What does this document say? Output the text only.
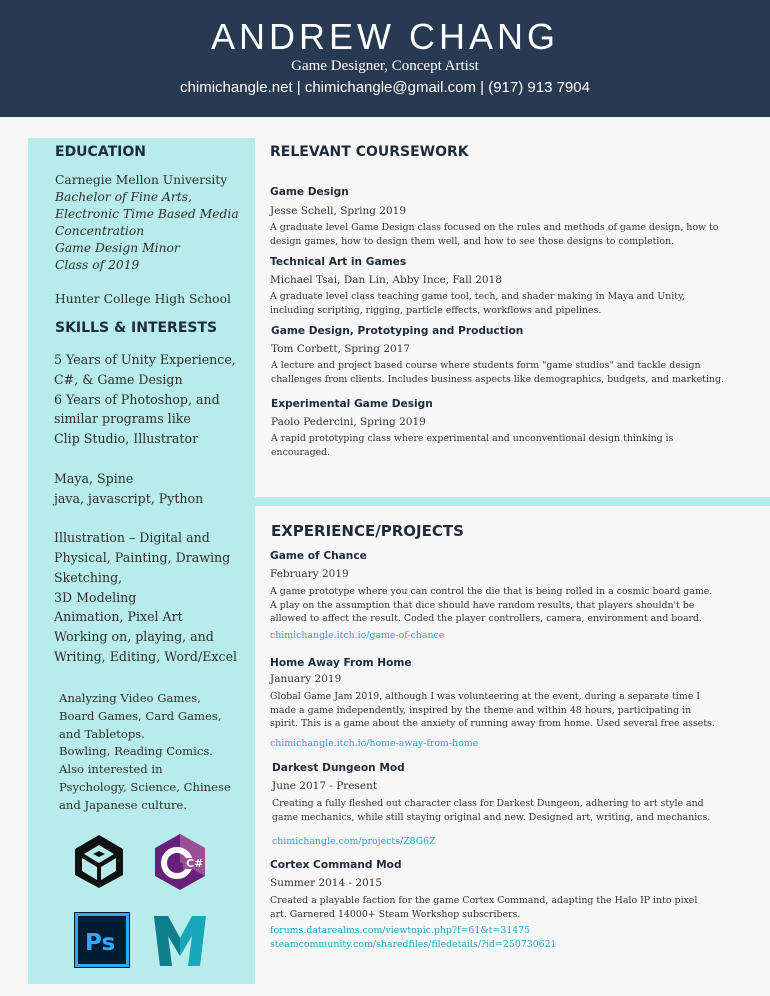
ANDREW CHANG
Game Designer, Concept Artist
chimichangle.net | chimichangle@gmail.com | (917) 913 7904
EDUCATION
Carnegie Mellon University
Bachelor of Fine Arts,
Electronic Time Based Media
Concentration
Game Design Minor
Class of 2019
Hunter College High School
SKILLS & INTERESTS
5 Years of Unity Experience,
C#, & Game Design
6 Years of Photoshop, and
similar programs like
Clip Studio, Illustrator

Maya, Spine
java, javascript, Python

Illustration – Digital and
Physical, Painting, Drawing
Sketching,
3D Modeling
Animation, Pixel Art
Working on, playing, and
Writing, Editing, Word/Excel
Analyzing Video Games,
Board Games, Card Games,
and Tabletops.
Bowling, Reading Comics.
Also interested in
Psychology, Science, Chinese
and Japanese culture.
C#
Ps
RELEVANT COURSEWORK
Game Design
Jesse Schell, Spring 2019
A graduate level Game Design class focused on the rules and methods of game design, how to
design games, how to design them well, and how to see those designs to completion.
Technical Art in Games
Michael Tsai, Dan Lin, Abby Ince, Fall 2018
A graduate level class teaching game tool, tech, and shader making in Maya and Unity,
including scripting, rigging, particle effects, workflows and pipelines.
Game Design, Prototyping and Production
Tom Corbett, Spring 2017
A lecture and project based course where students form "game studios" and tackle design
challenges from clients. Includes business aspects like demographics, budgets, and marketing.
Experimental Game Design
Paolo Pedercini, Spring 2019
A rapid prototyping class where experimental and unconventional design thinking is
encouraged.
EXPERIENCE/PROJECTS
Game of Chance
February 2019
A game prototype where you can control the die that is being rolled in a cosmic board game.
A play on the assumption that dice should have random results, that players shouldn't be
allowed to affect the result. Coded the player controllers, camera, environment and board.
chimichangle.itch.io/game-of-chance
Home Away From Home
January 2019
Global Game Jam 2019, although I was volunteering at the event, during a separate time I
made a game independently, inspired by the theme and within 48 hours, participating in
spirit. This is a game about the anxiety of running away from home. Used several free assets.
chimichangle.itch.io/home-away-from-home
Darkest Dungeon Mod
June 2017 - Present
Creating a fully fleshed out character class for Darkest Dungeon, adhering to art style and
game mechanics, while still staying original and new. Designed art, writing, and mechanics.
chimichangle.com/projects/Z8G6Z
Cortex Command Mod
Summer 2014 - 2015
Created a playable faction for the game Cortex Command, adapting the Halo IP into pixel
art. Garnered 14000+ Steam Workshop subscribers.
forums.datarealms.com/viewtopic.php?f=61&t=31475
steamcommunity.com/sharedfiles/filedetails/?id=250730621
